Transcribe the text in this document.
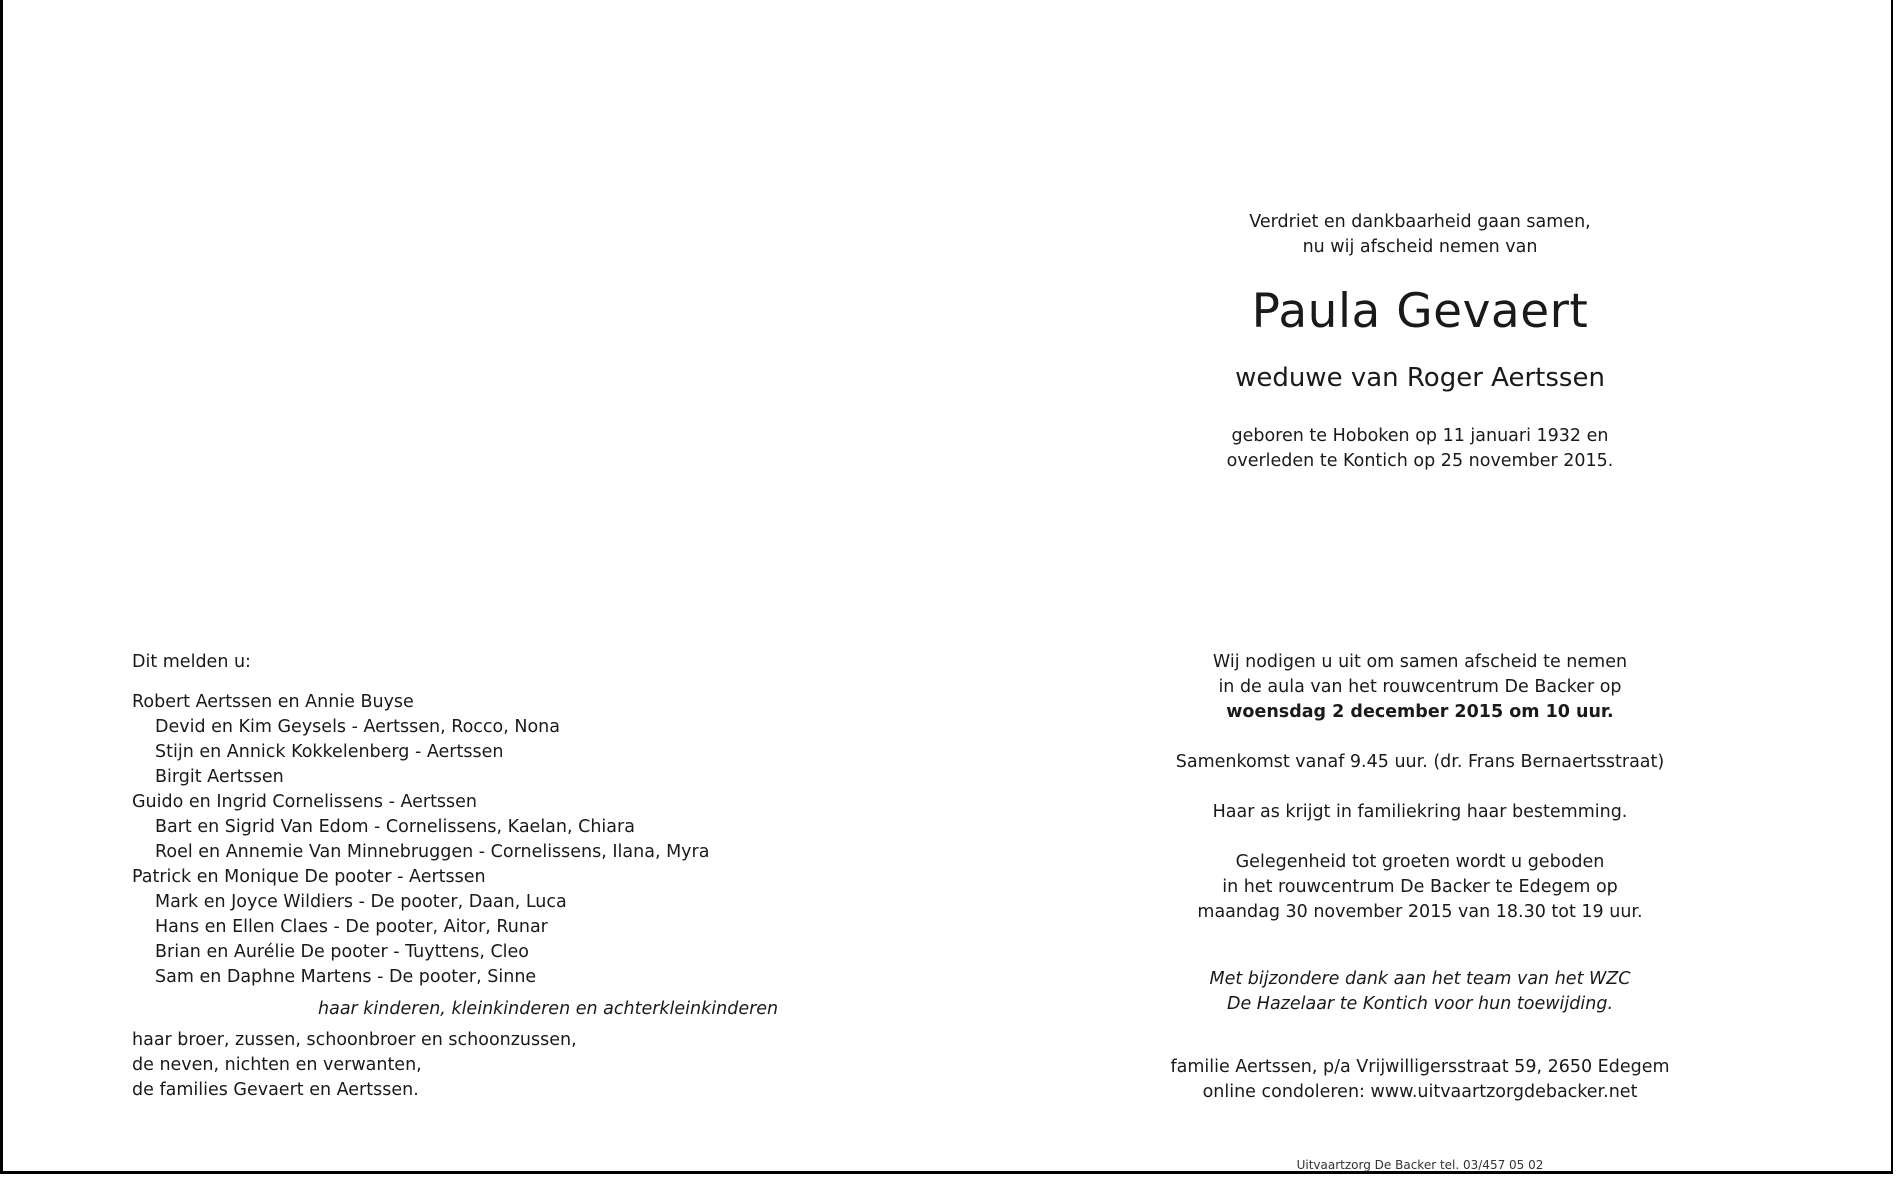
Verdriet en dankbaarheid gaan samen,
nu wij afscheid nemen van
Paula Gevaert
weduwe van Roger Aertssen
geboren te Hoboken op 11 januari 1932 en
overleden te Kontich op 25 november 2015.
Wij nodigen u uit om samen afscheid te nemen
in de aula van het rouwcentrum De Backer op
woensdag 2 december 2015 om 10 uur.
Samenkomst vanaf 9.45 uur. (dr. Frans Bernaertsstraat)
Haar as krijgt in familiekring haar bestemming.
Gelegenheid tot groeten wordt u geboden
in het rouwcentrum De Backer te Edegem op
maandag 30 november 2015 van 18.30 tot 19 uur.
Met bijzondere dank aan het team van het WZC
De Hazelaar te Kontich voor hun toewijding.
familie Aertssen, p/a Vrijwilligersstraat 59, 2650 Edegem
online condoleren: www.uitvaartzorgdebacker.net
Uitvaartzorg De Backer tel. 03/457 05 02
Dit melden u:
Robert Aertssen en Annie Buyse
Devid en Kim Geysels - Aertssen, Rocco, Nona
Stijn en Annick Kokkelenberg - Aertssen
Birgit Aertssen
Guido en Ingrid Cornelissens - Aertssen
Bart en Sigrid Van Edom - Cornelissens, Kaelan, Chiara
Roel en Annemie Van Minnebruggen - Cornelissens, Ilana, Myra
Patrick en Monique De pooter - Aertssen
Mark en Joyce Wildiers - De pooter, Daan, Luca
Hans en Ellen Claes - De pooter, Aitor, Runar
Brian en Aurélie De pooter - Tuyttens, Cleo
Sam en Daphne Martens - De pooter, Sinne
haar kinderen, kleinkinderen en achterkleinkinderen
haar broer, zussen, schoonbroer en schoonzussen,
de neven, nichten en verwanten,
de families Gevaert en Aertssen.
